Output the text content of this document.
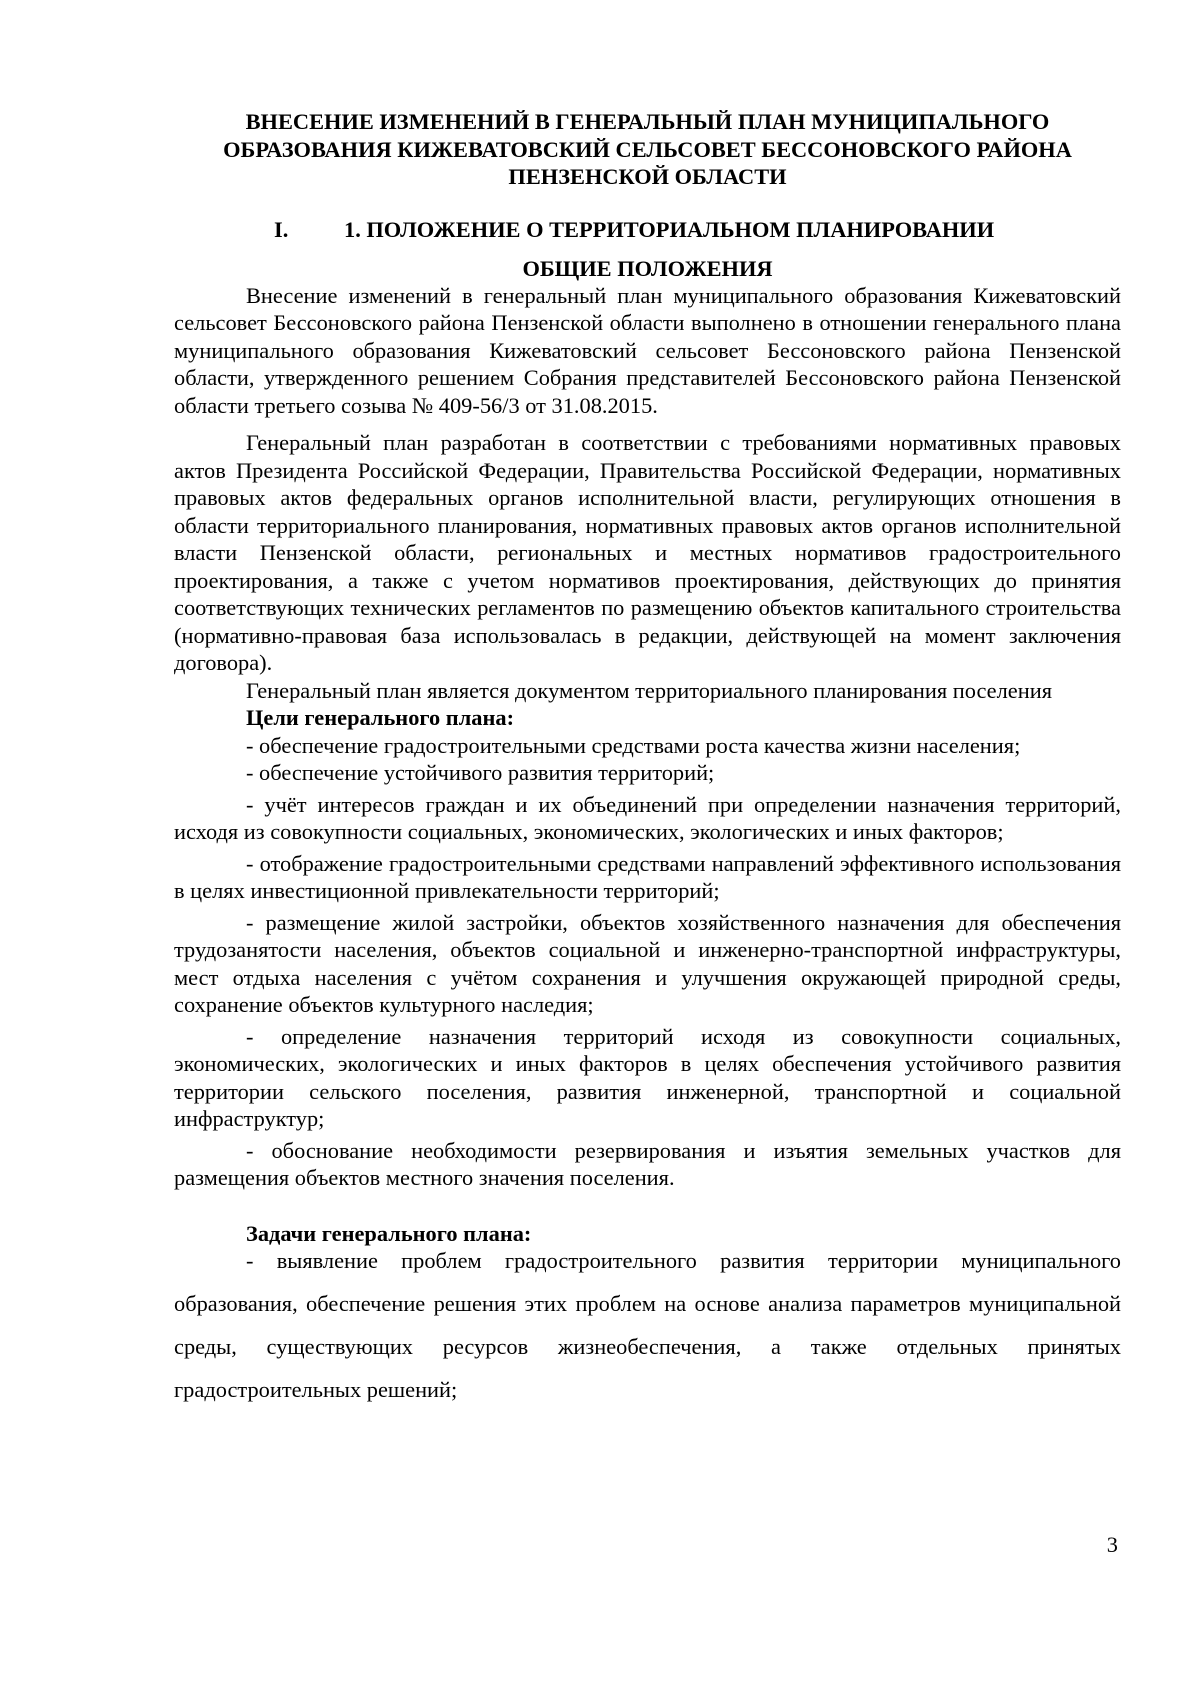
ВНЕСЕНИЕ ИЗМЕНЕНИЙ В ГЕНЕРАЛЬНЫЙ ПЛАН МУНИЦИПАЛЬНОГО
ОБРАЗОВАНИЯ КИЖЕВАТОВСКИЙ СЕЛЬСОВЕТ БЕССОНОВСКОГО РАЙОНА
ПЕНЗЕНСКОЙ ОБЛАСТИ
I.	1. ПОЛОЖЕНИЕ О ТЕРРИТОРИАЛЬНОМ ПЛАНИРОВАНИИ
ОБЩИЕ ПОЛОЖЕНИЯ

Внесение изменений в генеральный план муниципального образования Кижеватовский сельсовет Бессоновского района Пензенской области выполнено в отношении генерального плана муниципального образования Кижеватовский сельсовет Бессоновского района Пензенской области, утвержденного решением Собрания представителей Бессоновского района Пензенской области третьего созыва № 409-56/3 от 31.08.2015.

Генеральный план разработан в соответствии с требованиями нормативных правовых актов Президента Российской Федерации, Правительства Российской Федерации, нормативных правовых актов федеральных органов исполнительной власти, регулирующих отношения в области территориального планирования, нормативных правовых актов органов исполнительной власти Пензенской области, региональных и местных нормативов градостроительного проектирования, а также с учетом нормативов проектирования, действующих до принятия соответствующих технических регламентов по размещению объектов капитального строительства (нормативно-правовая база использовалась в редакции, действующей на момент заключения договора).

Генеральный план является документом территориального планирования поселения

Цели генерального плана:

- обеспечение градостроительными средствами роста качества жизни населения;

- обеспечение устойчивого развития территорий;

- учёт интересов граждан и их объединений при определении назначения территорий, исходя из совокупности социальных, экономических, экологических и иных факторов;

- отображение градостроительными средствами направлений эффективного использования в целях инвестиционной привлекательности территорий;

- размещение жилой застройки, объектов хозяйственного назначения для обеспечения трудозанятости населения, объектов социальной и инженерно-транспортной инфраструктуры, мест отдыха населения с учётом сохранения и улучшения окружающей природной среды, сохранение объектов культурного наследия;

- определение назначения территорий исходя из совокупности социальных, экономических, экологических и иных факторов в целях обеспечения устойчивого развития территории сельского поселения, развития инженерной, транспортной и социальной инфраструктур;

- обоснование необходимости резервирования и изъятия земельных участков для размещения объектов местного значения поселения.

Задачи генерального плана:

- выявление проблем градостроительного развития территории муниципального образования, обеспечение решения этих проблем на основе анализа параметров муниципальной среды, существующих ресурсов жизнеобеспечения, а также отдельных принятых градостроительных решений;

3
